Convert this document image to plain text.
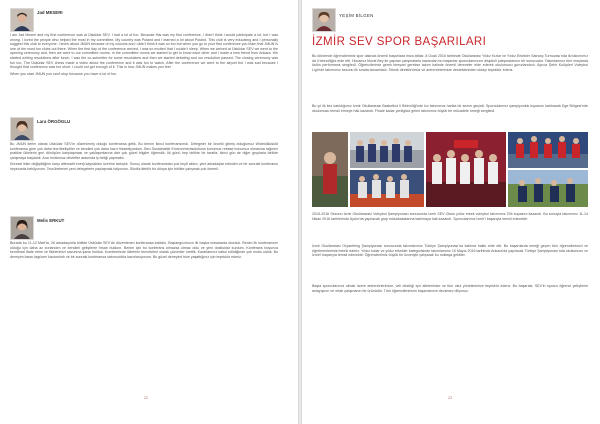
Jad MESERI

I am Jad Meseri and my first conference was at Üsküdar SEV. I had a lot of fun. Because this was my first conference, I didn't think I would participate a lot, but I was wrong. I loved the people who helped the most in my committee. My country was Poland and I learned a lot about Poland. This club is very educating and I personally suggest this club to everyone. I knew about JMUN because of my cousins and I didn't think it was so fun but when you go to your first conference you learn that JMUN is one of the most fun clubs out there. When the first day of the conference arrived, I was so excited that I couldn't sleep. When we arrived at Üsküdar SEV we went to the opening ceremony and, then we went to our committee rooms. In the committee rooms we started to get to know each other and I made a new friend from Ankara. We started writing resolutions after lunch. I was the co-submitter for some resolutions and then we started debating and our resolution passed. The closing ceremony was fun too. The Üsküdar SEV chess made a video about the conference and it was fun to watch. After the conference we went to the airport but I was sad because I thought that conference was too short. I could not get enough of it. This is how JMUN makes you feel.

When you start JMUN you can't stop because you have a lot of fun.

Lara ÖRGÖGLU

Bu JMUN ilerim olarak Üsküdar SEV'in düzenlemiş olduğu konferansa gittik. Bu benim ikinci konferansımdı. Delegeler bir önceki gitmiş olduğumuz Widmülküsküt konferansa göre çok daha tecrübeliydiler ve kendimi çok daha hazır hissediyordum. Ben Sustainable Environmentsolutions konumuz rebase konumuz olmasına rağmen pratikte ülkelerin geri dönüşüm karşılaşması ve yaklaşımlarına dair çok güzel bilgiler öğrendik. İlk günü hep birlikte bir tarafta, ikinci gün de diğer gruplarla birlikte çalışmaya başladık. Ana mottomuz devletler arasında iş birliği yapmaktı.

Küresel iklim değişikliğine karşı alternatif enerji kaynakları üzerine tartıştık. Sonuç olarak konferanstan çok keyif aldım, yeni arkadaşlar edindim ve bir sonraki konferansı heyecanla bekliyorum. Tecrübelerimi yeni delegelerle paylaşmak istiyorum. Sürdürülebilir bir dünya için birlikte çalışmak çok önemli.

Melis ERKUT

Burada bu 11-12 Mart'ta, 26 arkadaşımla birlikte Üsküdar SEV'de düzenlenen konferansa katıldık. Başlangıcımızın ilk başka masalarda oturduk. Benim ilk konferansım olduğu için daha az zorlandım ve kendimi geliştirme fırsatı buldum. Benim için bu konferans olmazsa olmaz oldu ve yeni dostluklar kurdum. Konferans boyunca kendimizi ifade etme ve fikirlerimizi savunma şansı bulduk. Komitemizde ülkelerin temsilcileri olarak çözümler ürettik. Kararlarımız kabul edildiğinde çok mutlu olduk. Bu deneyim bana özgüven kazandırdı ve bir sonraki konferansa sabırsızlıkla hazırlanıyorum. Bu güzel deneyimi bize yaşattığınız için teşekkür ederiz.

22
YEŞİM BİLGEN
İZMİR SEV SPOR BAŞARILARI

Bu dönemde öğrencilerimiz spor dalında önemli başarılara imza attılar. 8 Ocak 2016 tarihinde Okullararası Yıldız Kızlar ve Yıldız Erkekler Satranç Turnuvası'nda iki takımımız da il birinciliğini elde etti. Hocamız Murat Bey ile yapılan çalışmalarla kazanılan bu başarılar sporcularımızın disiplinli çalışmalarının bir sonucudur. Takımlarımız tüm maçlarda üstün performans sergiledi. Öğrencilerimiz gerek bireysel gerekse takım halinde önemli dereceler elde ederek okulumuzu gururlandırdı. Ayrıca Şehir Kulüpleri Voleybol Ligi'nde takımımız sezonu ilk sırada tamamladı. Teknik direktörümüz ve antrenörlerimize desteklerinden dolayı teşekkür ederiz.

Bu yıl ilk kez katıldığımız İzmir Okullararası Basketbol İl Birinciliği'nde kız takımımız harika bir sezon geçirdi. Sporcularımız şampiyonluk kupasını kaldırarak Ege Bölgesi'nde okulumuzu temsil etmeye hak kazandı. Finale kadar yenilgisiz gelen takımımız büyük bir mücadele örneği sergiledi.

2015-2016 Sezonu İzmir Okullararası Voleybol Şampiyonası sonucunda İzmir SEV Okulu yıldız erkek voleybol takımımız 2'lik kupasını kazandı. Bu sonuçla takımımız 11-14 Nisan 2016 tarihlerinde Aydın'da yapılacak grup müsabakalarına katılmaya hak kazandı. Sporcularımız İzmir'i başarıyla temsil edecektir.

İzmir Okullararası Oryantiring Şampiyonası sonucunda takımlarımız Türkiye Şampiyonası'na katılma hakkı elde etti. Bu başarılarda emeği geçen tüm öğrencilerimizi ve öğretmenlerimizi tebrik ederiz. Yıldız kızlar ve yıldız erkekler kategorisinde takımlarımız 10 Mayıs 2016 tarihinde Ankara'da yapılacak Türkiye Şampiyonası'nda okulumuzu ve İzmir'i başarıyla temsil edecektir. Öğrencilerimiz büyük bir özveriyle çalışarak bu noktaya geldiler.

Başta sporcularımız olmak üzere antrenörlerimize, veli desteği için ailelerimize ve tüm okul yönetimimize teşekkür ederiz. Bu başarılar, SEV'in sporcu öğrenci yetiştirme anlayışının ve ortak çalışmanın bir ürünüdür. Tüm öğrencilerimizin başarılarının devamını diliyoruz.

23
